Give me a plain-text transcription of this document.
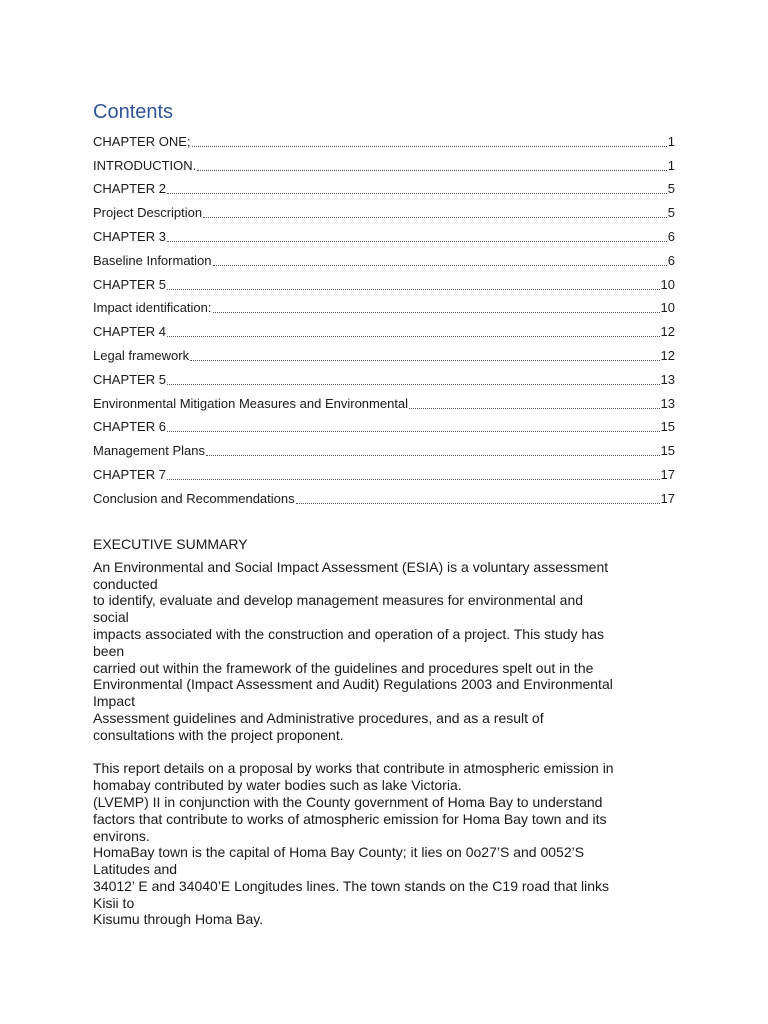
Contents
CHAPTER ONE;	1
INTRODUCTION.	1
CHAPTER 2	5
Project Description	5
CHAPTER 3	6
Baseline Information	6
CHAPTER 5	10
Impact identification:	10
CHAPTER 4	12
Legal framework	12
CHAPTER 5	13
Environmental Mitigation Measures and Environmental	13
CHAPTER 6	15
Management Plans	15
CHAPTER 7	17
Conclusion and Recommendations	17
EXECUTIVE SUMMARY
An Environmental and Social Impact Assessment (ESIA) is a voluntary assessment
conducted
to identify, evaluate and develop management measures for environmental and
social
impacts associated with the construction and operation of a project. This study has
been
carried out within the framework of the guidelines and procedures spelt out in the
Environmental (Impact Assessment and Audit) Regulations 2003 and Environmental
Impact
Assessment guidelines and Administrative procedures, and as a result of
consultations with the project proponent.
This report details on a proposal by works that contribute in atmospheric emission in
homabay contributed by water bodies such as lake Victoria.
(LVEMP) II in conjunction with the County government of Homa Bay to understand
factors that contribute to works of atmospheric emission for Homa Bay town and its
environs.
HomaBay town is the capital of Homa Bay County; it lies on 0o27’S and 0052’S
Latitudes and
34012’ E and 34040’E Longitudes lines. The town stands on the C19 road that links
Kisii to
Kisumu through Homa Bay.
